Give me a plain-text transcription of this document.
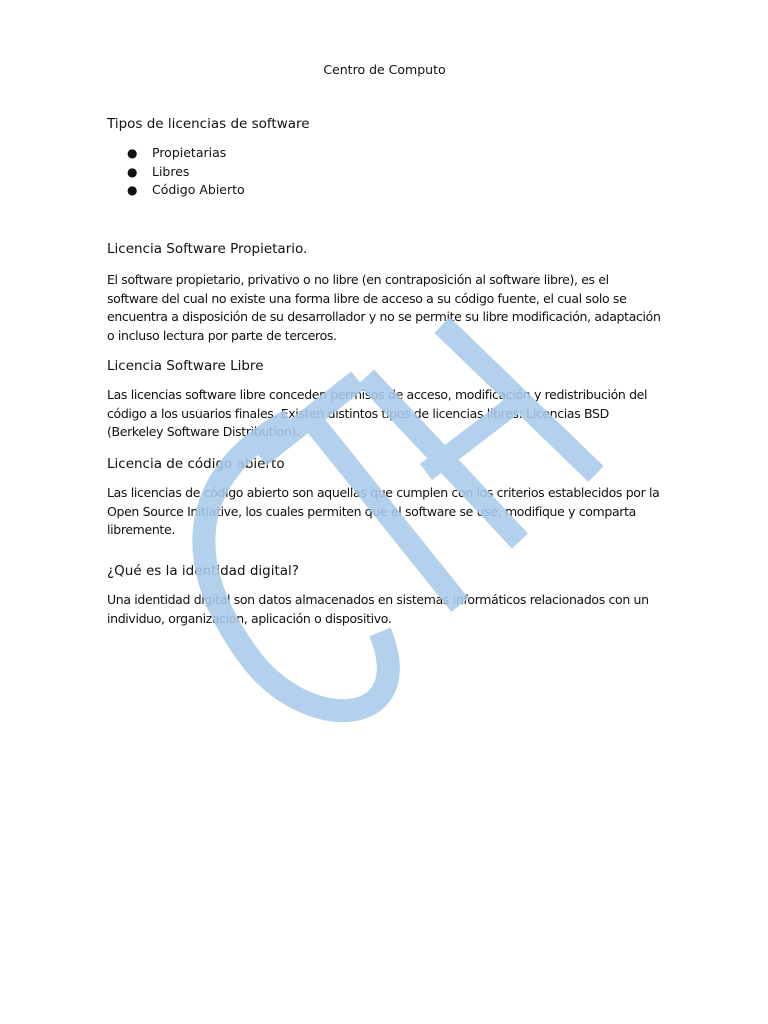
Centro de Computo
Tipos de licencias de software
● Propietarias
● Libres
● Código Abierto
Licencia Software Propietario.
El software propietario, privativo o no libre (en contraposición al software libre), es el software del cual no existe una forma libre de acceso a su código fuente, el cual solo se encuentra a disposición de su desarrollador y no se permite su libre modificación, adaptación o incluso lectura por parte de terceros.
Licencia Software Libre
Las licencias software libre conceden permisos de acceso, modificación y redistribución del código a los usuarios finales. Existen distintos tipos de licencias libres: Licencias BSD (Berkeley Software Distribution).
Licencia de código abierto
Las licencias de código abierto son aquellas que cumplen con los criterios establecidos por la Open Source Initiative, los cuales permiten que el software se use, modifique y comparta libremente.
¿Qué es la identidad digital?
Una identidad digital son datos almacenados en sistemas informáticos relacionados con un individuo, organización, aplicación o dispositivo.
